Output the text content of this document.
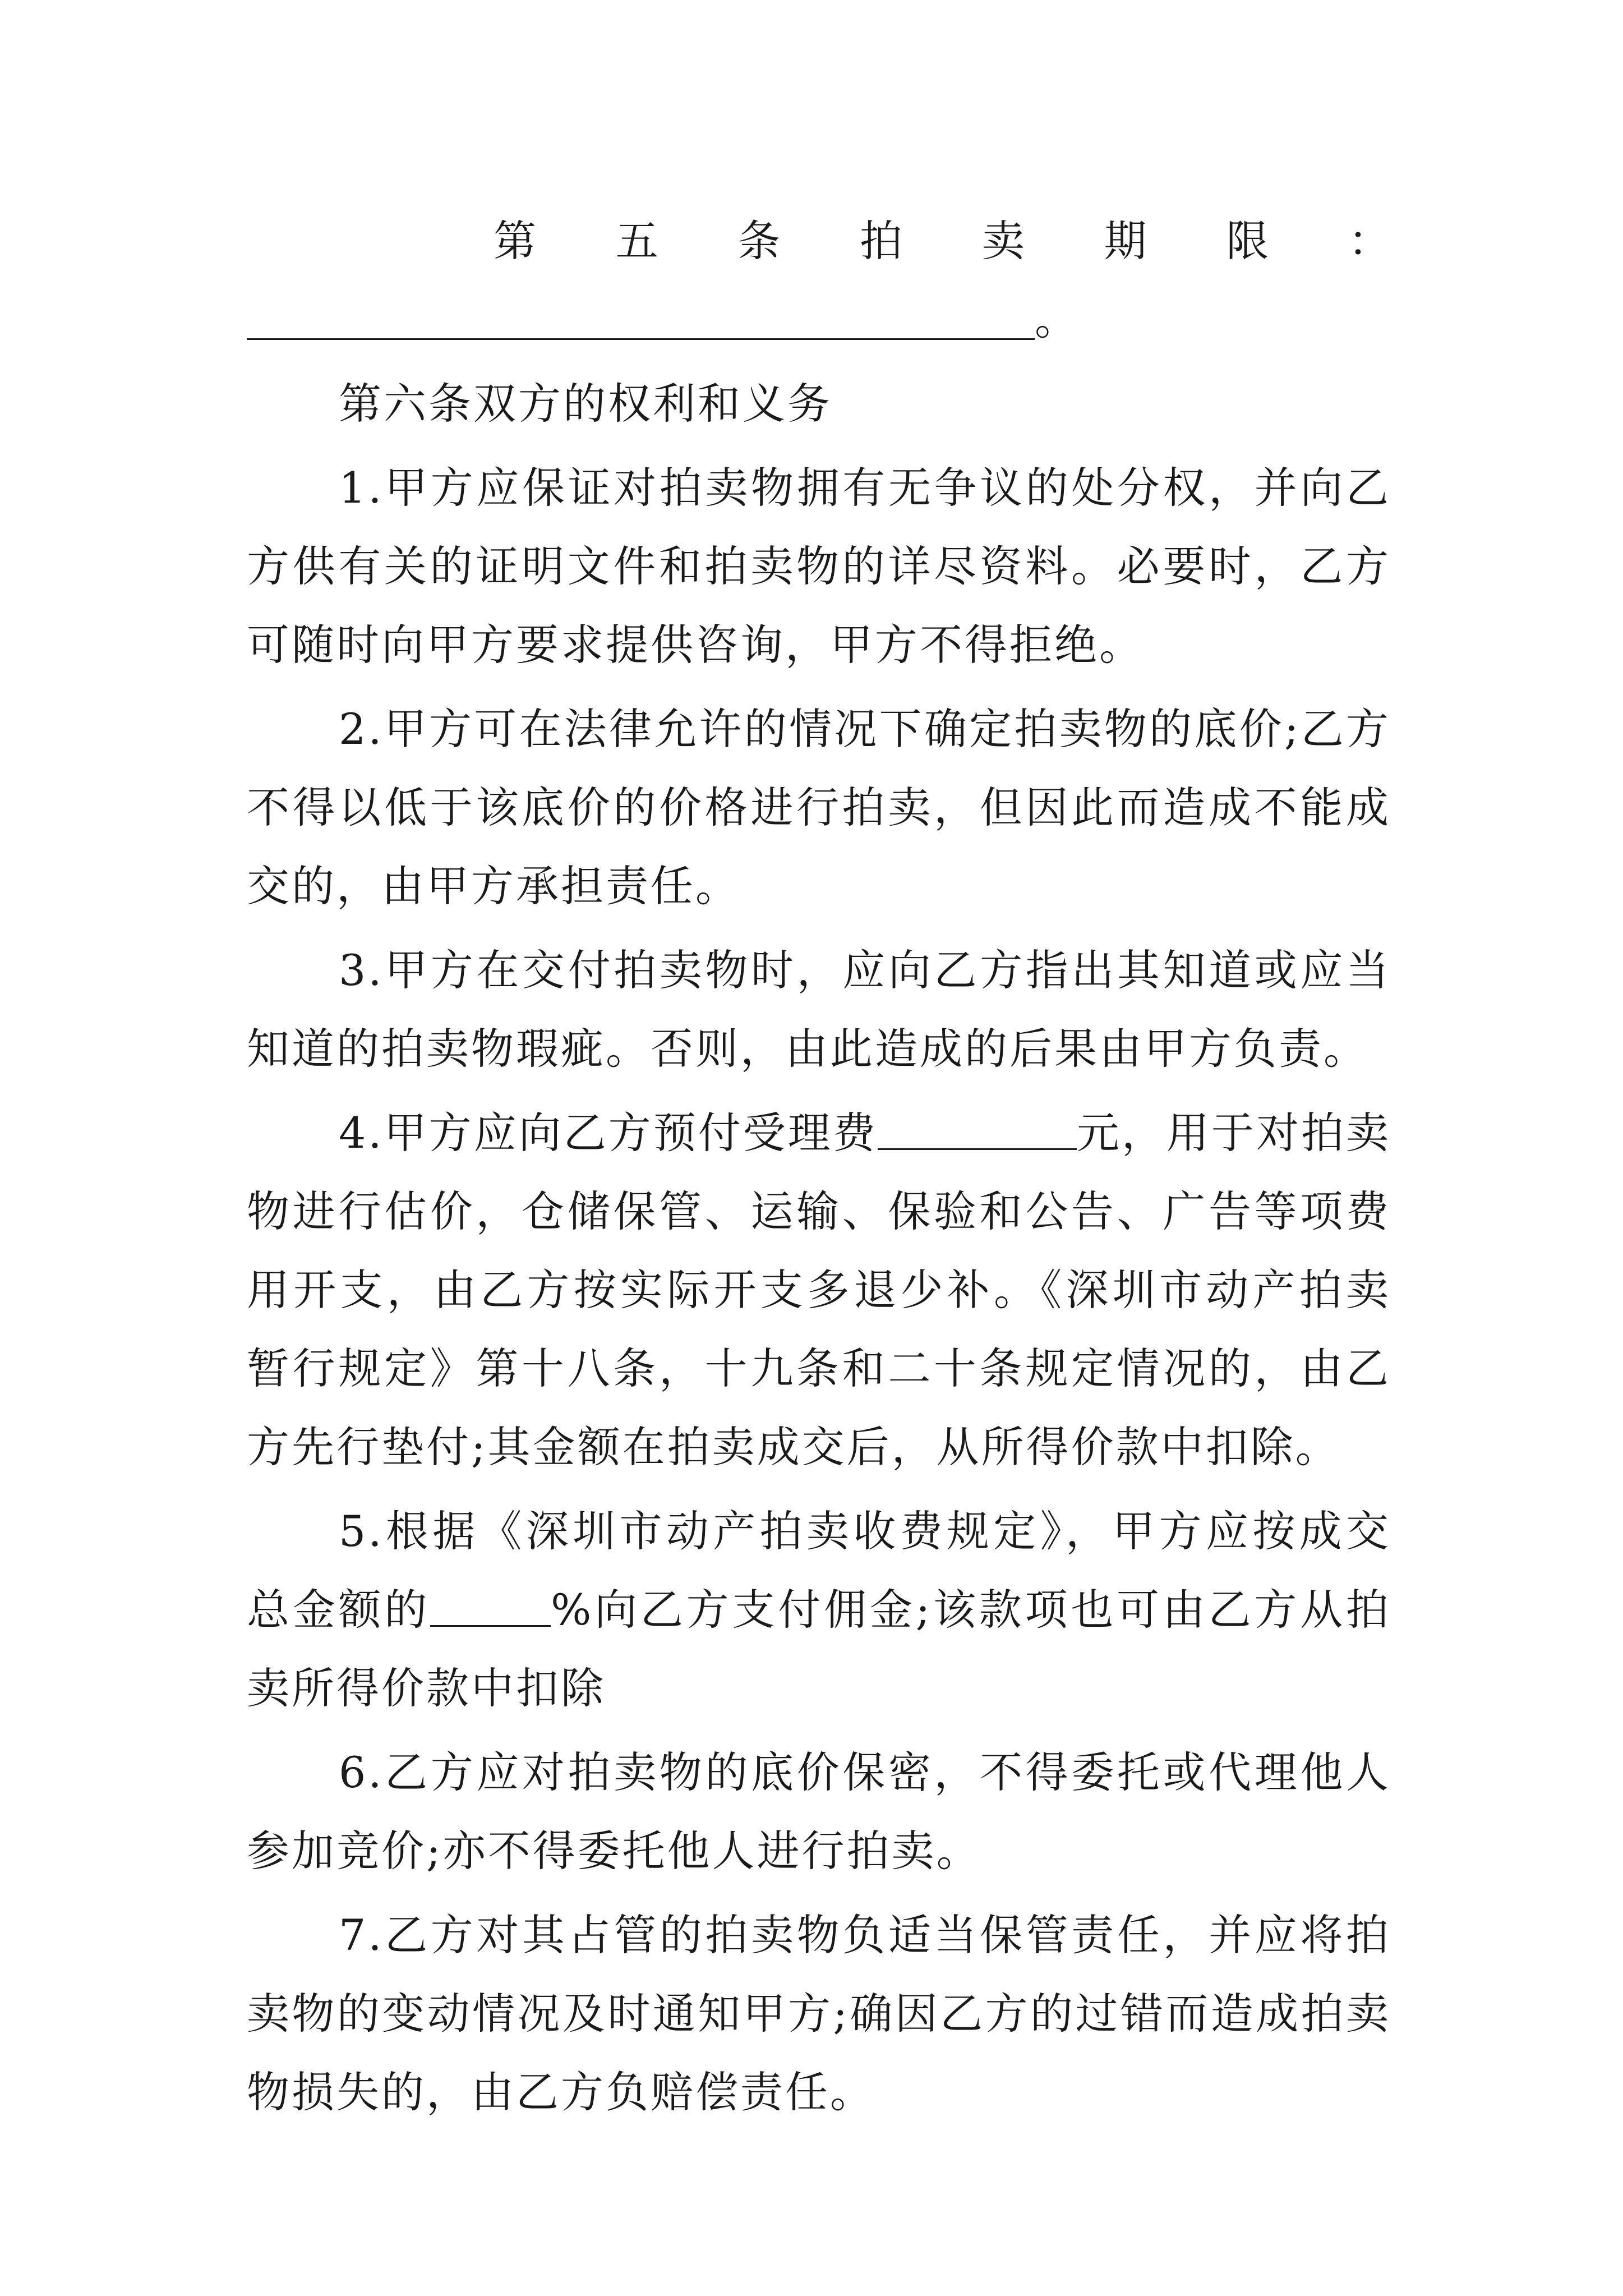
第 五 条 拍 卖 期 限 ：
。

第六条双方的权利和义务

1.甲方应保证对拍卖物拥有无争议的处分权，并向乙方供有关的证明文件和拍卖物的详尽资料。必要时，乙方可随时向甲方要求提供咨询，甲方不得拒绝。

2.甲方可在法律允许的情况下确定拍卖物的底价;乙方不得以低于该底价的价格进行拍卖，但因此而造成不能成交的，由甲方承担责任。

3.甲方在交付拍卖物时，应向乙方指出其知道或应当知道的拍卖物瑕疵。否则，由此造成的后果由甲方负责。

4.甲方应向乙方预付受理费	元，用于对拍卖物进行估价，仓储保管、运输、保验和公告、广告等项费用开支，由乙方按实际开支多退少补。《深圳市动产拍卖暂行规定》第十八条，十九条和二十条规定情况的，由乙方先行垫付;其金额在拍卖成交后，从所得价款中扣除。

5.根据《深圳市动产拍卖收费规定》，甲方应按成交总金额的	%向乙方支付佣金;该款项也可由乙方从拍卖所得价款中扣除

6.乙方应对拍卖物的底价保密，不得委托或代理他人参加竞价;亦不得委托他人进行拍卖。

7.乙方对其占管的拍卖物负适当保管责任，并应将拍卖物的变动情况及时通知甲方;确因乙方的过错而造成拍卖物损失的，由乙方负赔偿责任。
